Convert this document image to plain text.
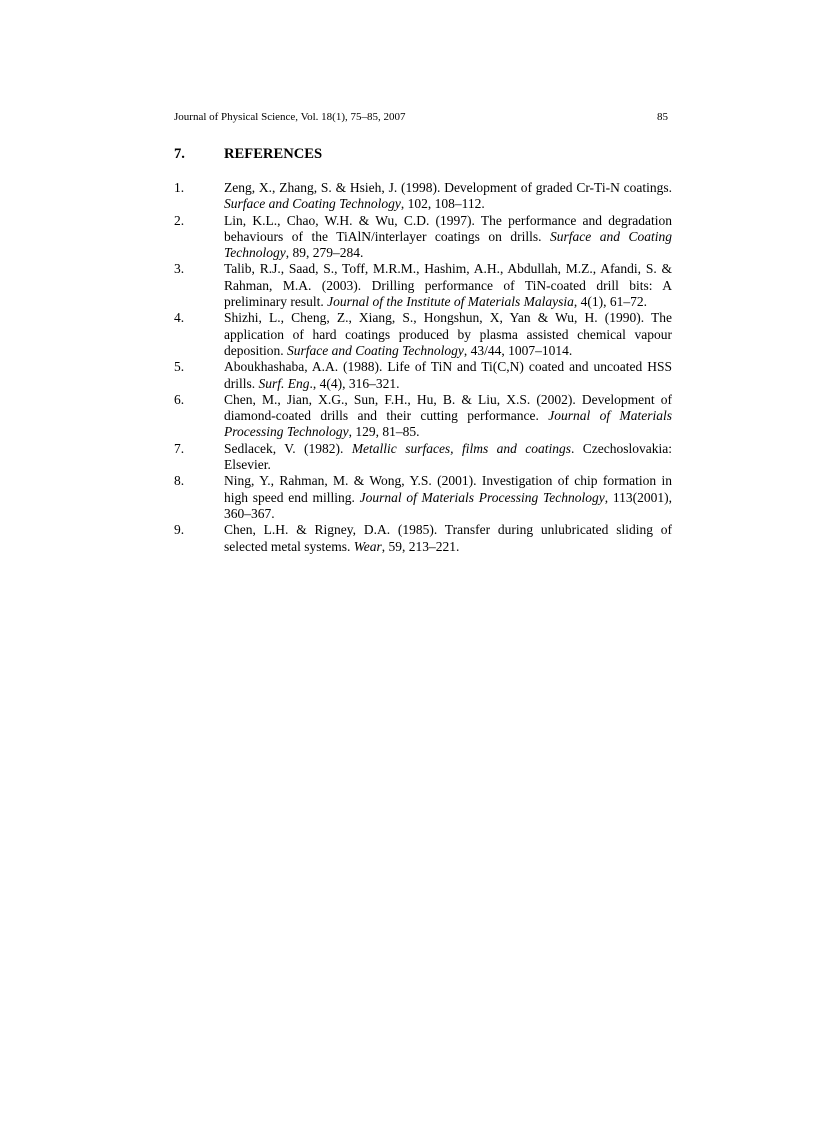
Journal of Physical Science, Vol. 18(1), 75–85, 2007	85
7.	REFERENCES
1.	Zeng, X., Zhang, S. & Hsieh, J. (1998). Development of graded Cr-Ti-N coatings. Surface and Coating Technology, 102, 108–112.
2.	Lin, K.L., Chao, W.H. & Wu, C.D. (1997). The performance and degradation behaviours of the TiAlN/interlayer coatings on drills. Surface and Coating Technology, 89, 279–284.
3.	Talib, R.J., Saad, S., Toff, M.R.M., Hashim, A.H., Abdullah, M.Z., Afandi, S. & Rahman, M.A. (2003). Drilling performance of TiN-coated drill bits: A preliminary result. Journal of the Institute of Materials Malaysia, 4(1), 61–72.
4.	Shizhi, L., Cheng, Z., Xiang, S., Hongshun, X, Yan & Wu, H. (1990). The application of hard coatings produced by plasma assisted chemical vapour deposition. Surface and Coating Technology, 43/44, 1007–1014.
5.	Aboukhashaba, A.A. (1988). Life of TiN and Ti(C,N) coated and uncoated HSS drills. Surf. Eng., 4(4), 316–321.
6.	Chen, M., Jian, X.G., Sun, F.H., Hu, B. & Liu, X.S. (2002). Development of diamond-coated drills and their cutting performance. Journal of Materials Processing Technology, 129, 81–85.
7.	Sedlacek, V. (1982). Metallic surfaces, films and coatings. Czechoslovakia: Elsevier.
8.	Ning, Y., Rahman, M. & Wong, Y.S. (2001). Investigation of chip formation in high speed end milling. Journal of Materials Processing Technology, 113(2001), 360–367.
9.	Chen, L.H. & Rigney, D.A. (1985). Transfer during unlubricated sliding of selected metal systems. Wear, 59, 213–221.
